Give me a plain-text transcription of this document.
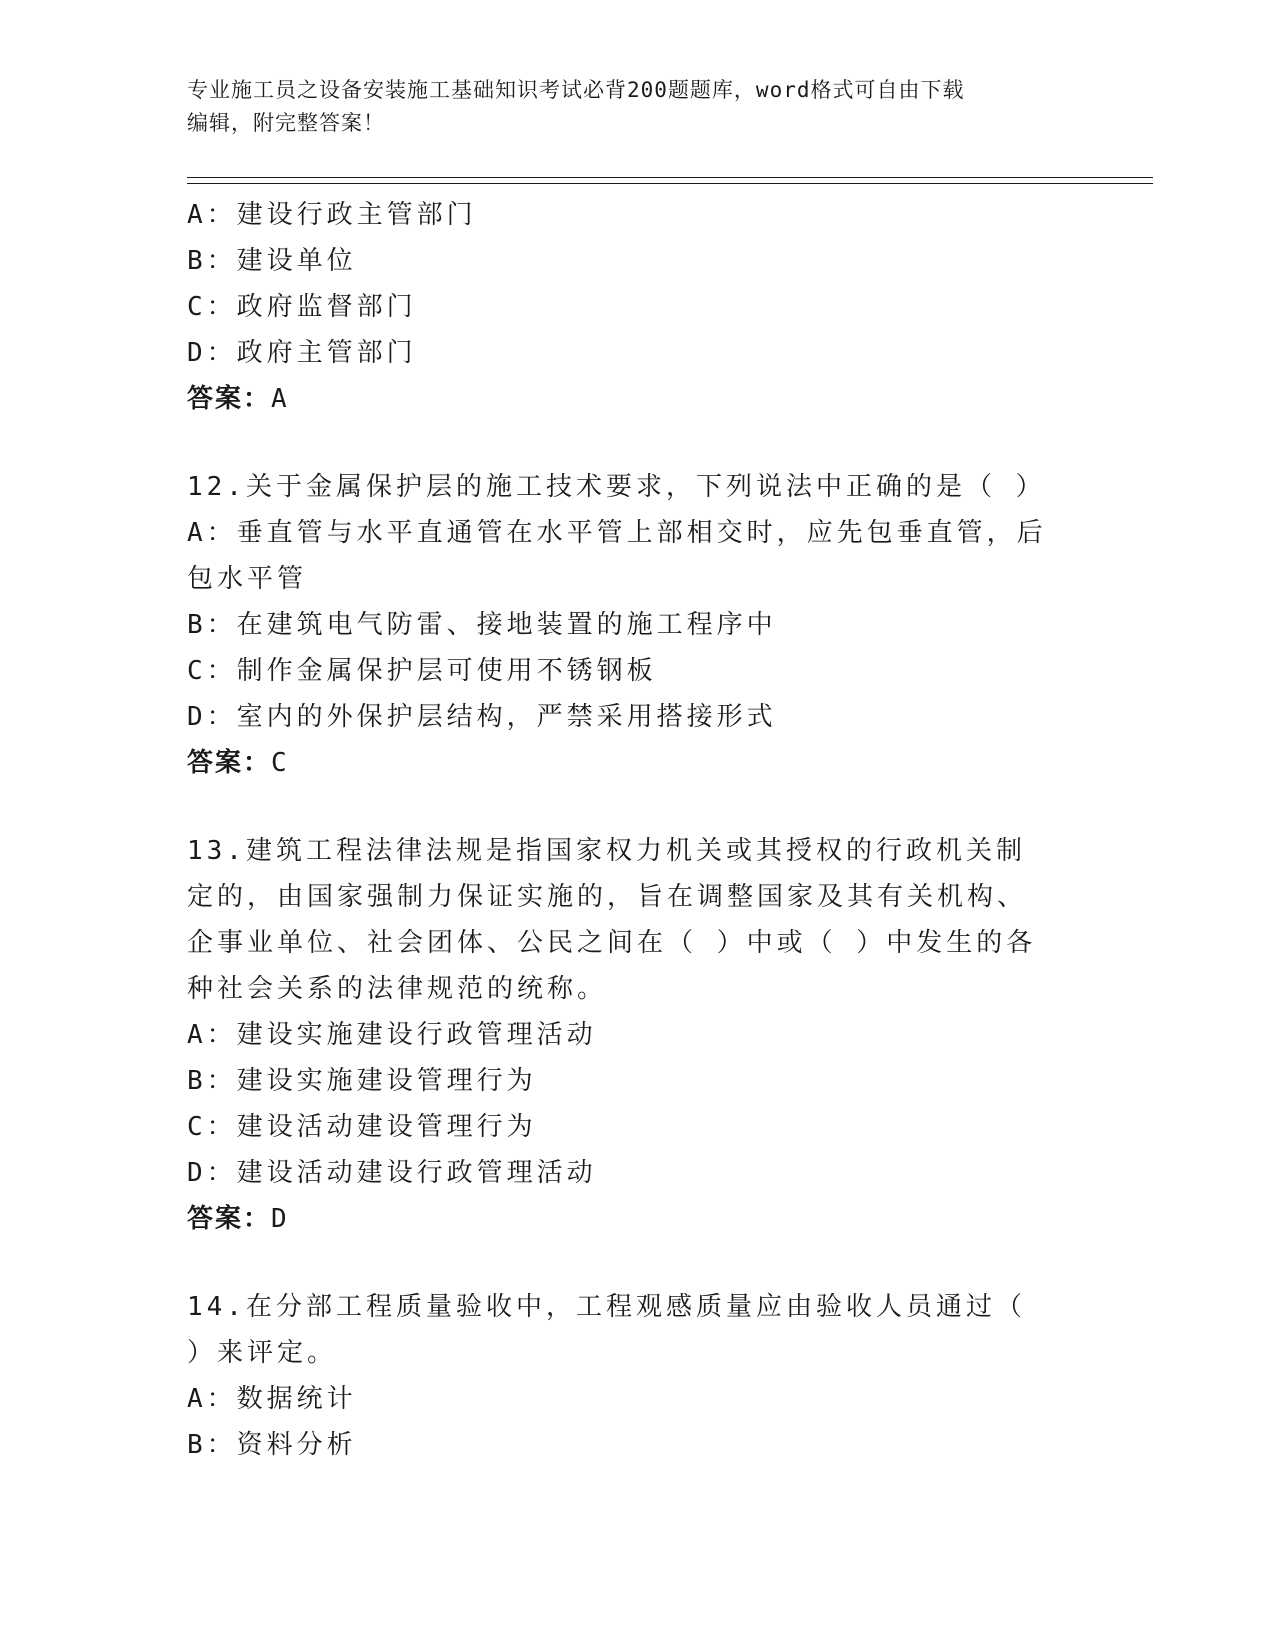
专业施工员之设备安装施工基础知识考试必背200题题库，word格式可自由下载
编辑，附完整答案！
A：建设行政主管部门
B：建设单位
C：政府监督部门
D：政府主管部门
答案：A
12.关于金属保护层的施工技术要求，下列说法中正确的是（ ）
A：垂直管与水平直通管在水平管上部相交时，应先包垂直管，后包水平管
B：在建筑电气防雷、接地装置的施工程序中
C：制作金属保护层可使用不锈钢板
D：室内的外保护层结构，严禁采用搭接形式
答案：C
13.建筑工程法律法规是指国家权力机关或其授权的行政机关制定的，由国家强制力保证实施的，旨在调整国家及其有关机构、企事业单位、社会团体、公民之间在（ ）中或（ ）中发生的各种社会关系的法律规范的统称。
A：建设实施建设行政管理活动
B：建设实施建设管理行为
C：建设活动建设管理行为
D：建设活动建设行政管理活动
答案：D
14.在分部工程质量验收中，工程观感质量应由验收人员通过（ ）来评定。
A：数据统计
B：资料分析
